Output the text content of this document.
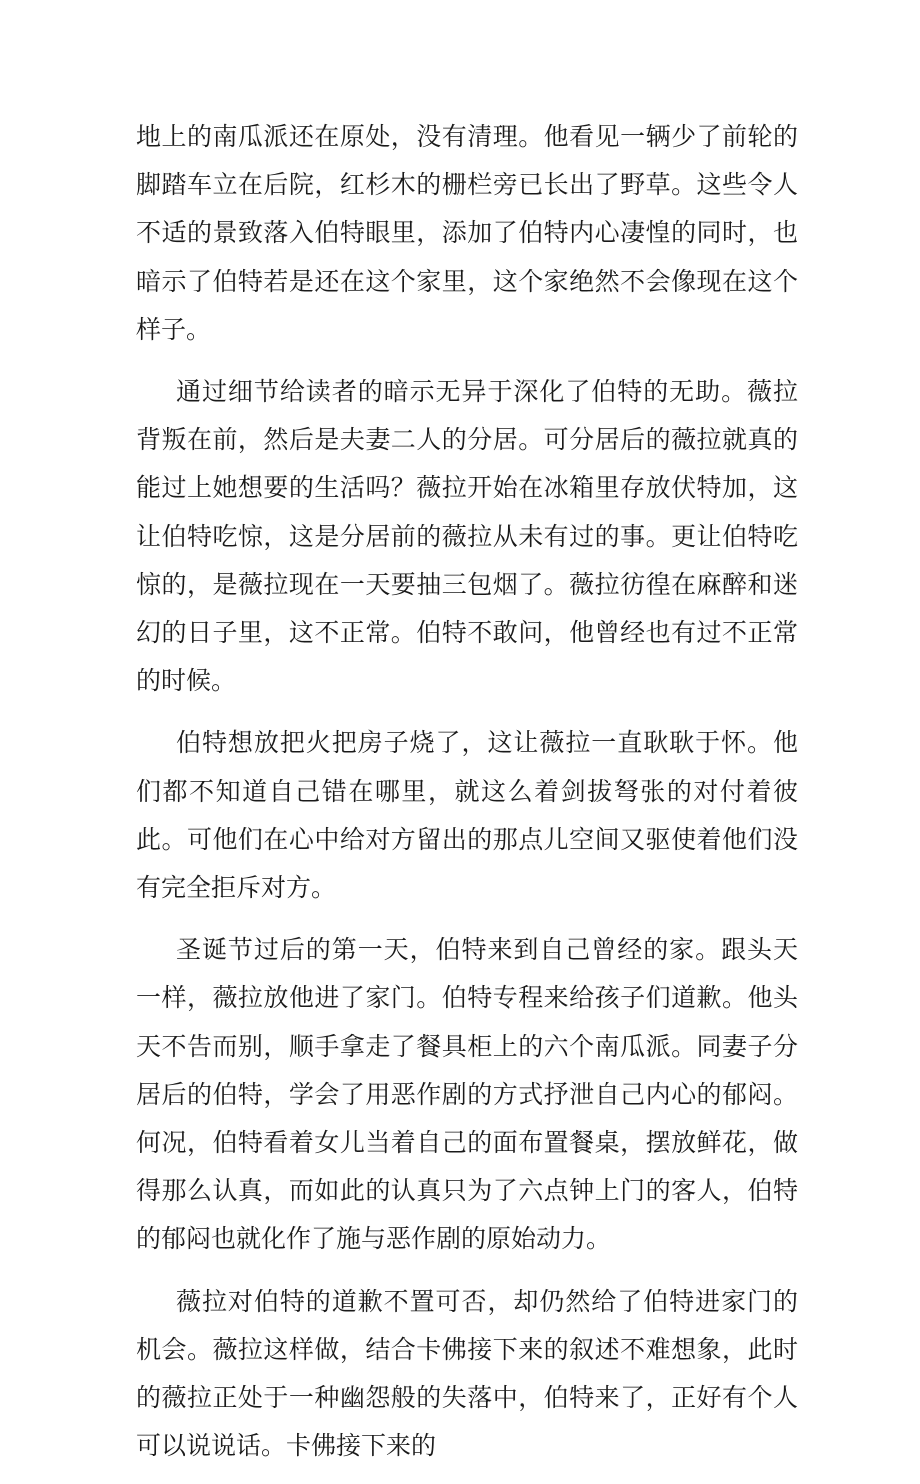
地上的南瓜派还在原处，没有清理。他看见一辆少了前轮的脚踏车立在后院，红杉木的栅栏旁已长出了野草。这些令人不适的景致落入伯特眼里，添加了伯特内心凄惶的同时，也暗示了伯特若是还在这个家里，这个家绝然不会像现在这个样子。

通过细节给读者的暗示无异于深化了伯特的无助。薇拉背叛在前，然后是夫妻二人的分居。可分居后的薇拉就真的能过上她想要的生活吗？薇拉开始在冰箱里存放伏特加，这让伯特吃惊，这是分居前的薇拉从未有过的事。更让伯特吃惊的，是薇拉现在一天要抽三包烟了。薇拉彷徨在麻醉和迷幻的日子里，这不正常。伯特不敢问，他曾经也有过不正常的时候。

伯特想放把火把房子烧了，这让薇拉一直耿耿于怀。他们都不知道自己错在哪里，就这么着剑拔弩张的对付着彼此。可他们在心中给对方留出的那点儿空间又驱使着他们没有完全拒斥对方。

圣诞节过后的第一天，伯特来到自己曾经的家。跟头天一样，薇拉放他进了家门。伯特专程来给孩子们道歉。他头天不告而别，顺手拿走了餐具柜上的六个南瓜派。同妻子分居后的伯特，学会了用恶作剧的方式抒泄自己内心的郁闷。何况，伯特看着女儿当着自己的面布置餐桌，摆放鲜花，做得那么认真，而如此的认真只为了六点钟上门的客人，伯特的郁闷也就化作了施与恶作剧的原始动力。

薇拉对伯特的道歉不置可否，却仍然给了伯特进家门的机会。薇拉这样做，结合卡佛接下来的叙述不难想象，此时的薇拉正处于一种幽怨般的失落中，伯特来了，正好有个人可以说说话。卡佛接下来的
